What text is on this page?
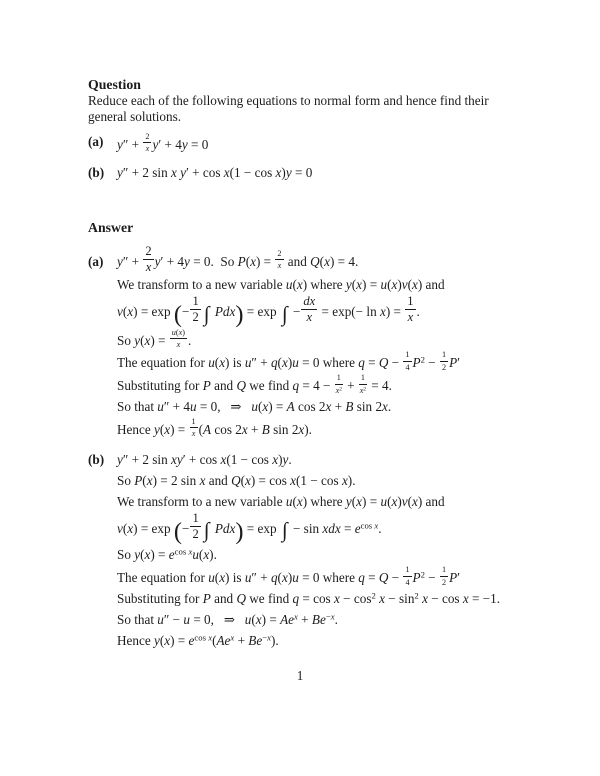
Question

Reduce each of the following equations to normal form and hence find their general solutions.

(a)	$y'' + \frac{2}{x} y' + 4y = 0$
(b) y″ + 2 sin x y′ + cos x(1 − cos x)y = 0
Answer
(a) $y'' + \frac{2}{x} y' + 4y = 0$.  So $P(x) = \frac{2}{x}$ and Q(x) = 4.
We transform to a new variable u(x) where y(x) = u(x)v(x) and
v(x) = exp (− $\frac{1}{2}$ ∫ Pdx) = exp ∫ − $\frac{dx}{x} = \exp(- \ln x) = \frac{1}{x}$ .
So $y(x) = \frac{u(x)}{x}$ .
The equation for u(x) is u″ + q(x)u = 0 where $q = Q - \frac{1}{4} P^2 - \frac{1}{2} P'$
Substituting for P and Q we find $q = 4 - \frac{1}{x^2} + \frac{1}{x^2} = 4$.
So that u″ + 4u = 0,   ⇒   u(x) = A cos 2x + B sin 2x.
Hence $y(x) = \frac{1}{x} (A$ cos 2x + B sin 2x).
(b) y″ + 2 sin xy′ + cos x(1 − cos x)y.
So P(x) = 2 sin x and Q(x) = cos x(1 − cos x).
We transform to a new variable u(x) where y(x) = u(x)v(x) and
v(x) = exp (− $\frac{1}{2}$ ∫ Pdx) = exp ∫ − sin xdx = $e^{cos x}$.
So $y(x) = e^{cos x}u(x)$.
The equation for u(x) is u″ + q(x)u = 0 where $q = Q - \frac{1}{4} P^2 - \frac{1}{2} P'$
Substituting for P and Q we find $q = \cos x - \cos^2 x - \sin^2 x - \cos x = -1$.
So that u″ − u = 0,   ⇒   $u(x) = Ae^x + Be^{-x}$.
Hence $y(x) = e^{cos x}(Ae^x + Be^{-x})$.
1
